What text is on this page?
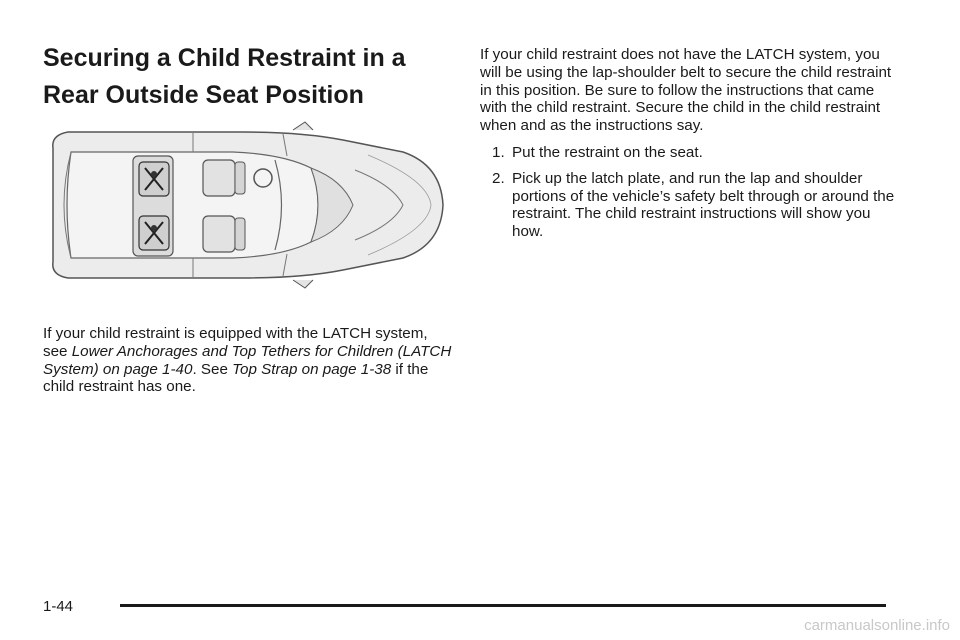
Securing a Child Restraint in a Rear Outside Seat Position

If your child restraint is equipped with the LATCH system, see Lower Anchorages and Top Tethers for Children (LATCH System) on page 1-40. See Top Strap on page 1-38 if the child restraint has one.

If your child restraint does not have the LATCH system, you will be using the lap-shoulder belt to secure the child restraint in this position. Be sure to follow the instructions that came with the child restraint. Secure the child in the child restraint when and as the instructions say.

1. Put the restraint on the seat.
2. Pick up the latch plate, and run the lap and shoulder portions of the vehicle’s safety belt through or around the restraint. The child restraint instructions will show you how.
1-44
carmanualsonline.info
